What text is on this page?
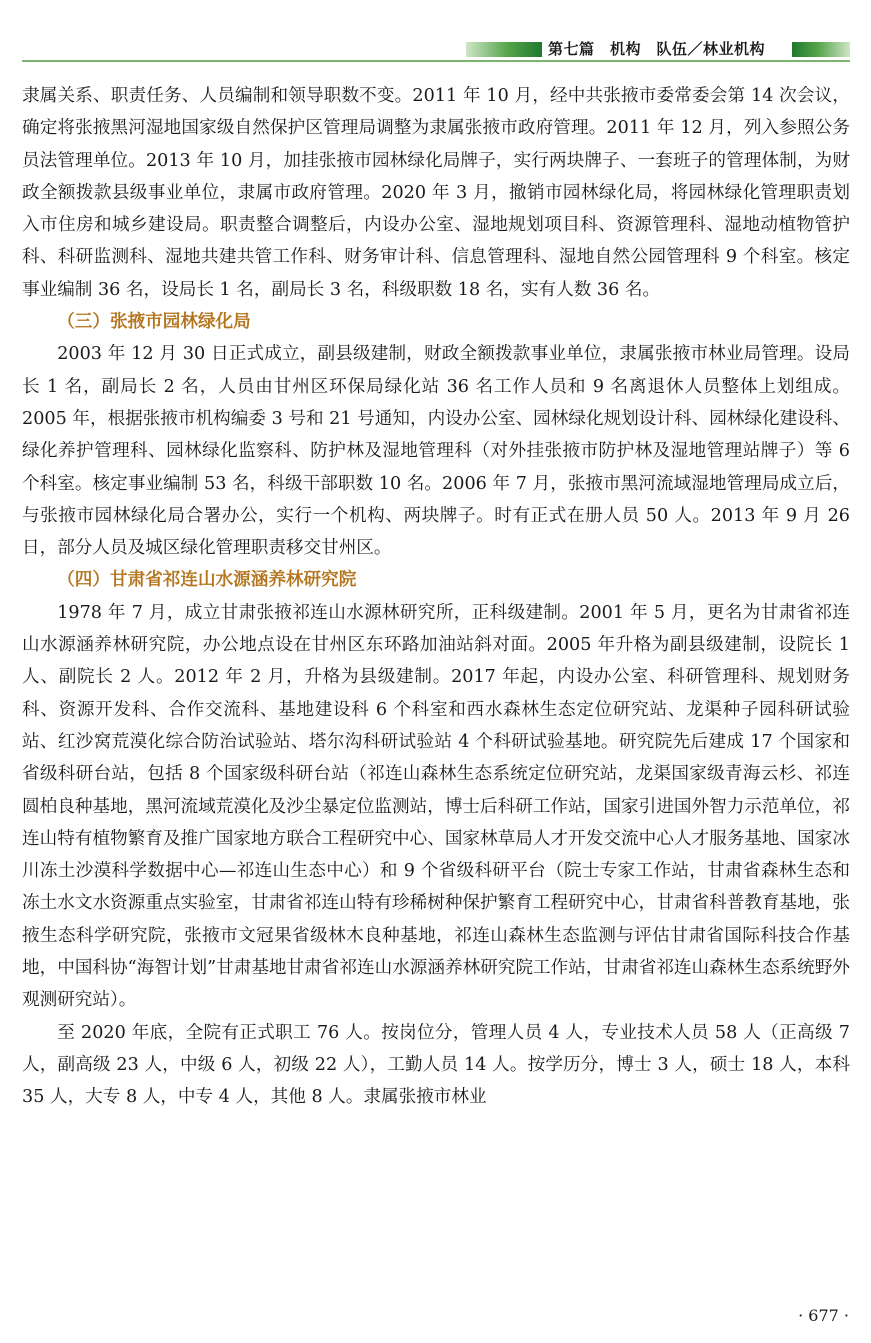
第七篇　机构　队伍／林业机构

隶属关系、职责任务、人员编制和领导职数不变。2011 年 10 月，经中共张掖市委常委会第 14 次会议，确定将张掖黑河湿地国家级自然保护区管理局调整为隶属张掖市政府管理。2011 年 12 月，列入参照公务员法管理单位。2013 年 10 月，加挂张掖市园林绿化局牌子，实行两块牌子、一套班子的管理体制，为财政全额拨款县级事业单位，隶属市政府管理。2020 年 3 月，撤销市园林绿化局，将园林绿化管理职责划入市住房和城乡建设局。职责整合调整后，内设办公室、湿地规划项目科、资源管理科、湿地动植物管护科、科研监测科、湿地共建共管工作科、财务审计科、信息管理科、湿地自然公园管理科 9 个科室。核定事业编制 36 名，设局长 1 名，副局长 3 名，科级职数 18 名，实有人数 36 名。

（三）张掖市园林绿化局

2003 年 12 月 30 日正式成立，副县级建制，财政全额拨款事业单位，隶属张掖市林业局管理。设局长 1 名，副局长 2 名，人员由甘州区环保局绿化站 36 名工作人员和 9 名离退休人员整体上划组成。2005 年，根据张掖市机构编委 3 号和 21 号通知，内设办公室、园林绿化规划设计科、园林绿化建设科、绿化养护管理科、园林绿化监察科、防护林及湿地管理科（对外挂张掖市防护林及湿地管理站牌子）等 6 个科室。核定事业编制 53 名，科级干部职数 10 名。2006 年 7 月，张掖市黑河流域湿地管理局成立后，与张掖市园林绿化局合署办公，实行一个机构、两块牌子。时有正式在册人员 50 人。2013 年 9 月 26 日，部分人员及城区绿化管理职责移交甘州区。

（四）甘肃省祁连山水源涵养林研究院

1978 年 7 月，成立甘肃张掖祁连山水源林研究所，正科级建制。2001 年 5 月，更名为甘肃省祁连山水源涵养林研究院，办公地点设在甘州区东环路加油站斜对面。2005 年升格为副县级建制，设院长 1 人、副院长 2 人。2012 年 2 月，升格为县级建制。2017 年起，内设办公室、科研管理科、规划财务科、资源开发科、合作交流科、基地建设科 6 个科室和西水森林生态定位研究站、龙渠种子园科研试验站、红沙窝荒漠化综合防治试验站、塔尔沟科研试验站 4 个科研试验基地。研究院先后建成 17 个国家和省级科研台站，包括 8 个国家级科研台站（祁连山森林生态系统定位研究站，龙渠国家级青海云杉、祁连圆柏良种基地，黑河流域荒漠化及沙尘暴定位监测站，博士后科研工作站，国家引进国外智力示范单位，祁连山特有植物繁育及推广国家地方联合工程研究中心、国家林草局人才开发交流中心人才服务基地、国家冰川冻土沙漠科学数据中心—祁连山生态中心）和 9 个省级科研平台（院士专家工作站，甘肃省森林生态和冻土水文水资源重点实验室，甘肃省祁连山特有珍稀树种保护繁育工程研究中心，甘肃省科普教育基地，张掖生态科学研究院，张掖市文冠果省级林木良种基地，祁连山森林生态监测与评估甘肃省国际科技合作基地，中国科协“海智计划”甘肃基地甘肃省祁连山水源涵养林研究院工作站，甘肃省祁连山森林生态系统野外观测研究站）。

至 2020 年底，全院有正式职工 76 人。按岗位分，管理人员 4 人，专业技术人员 58 人（正高级 7 人，副高级 23 人，中级 6 人，初级 22 人），工勤人员 14 人。按学历分，博士 3 人，硕士 18 人，本科 35 人，大专 8 人，中专 4 人，其他 8 人。隶属张掖市林业

· 677 ·
